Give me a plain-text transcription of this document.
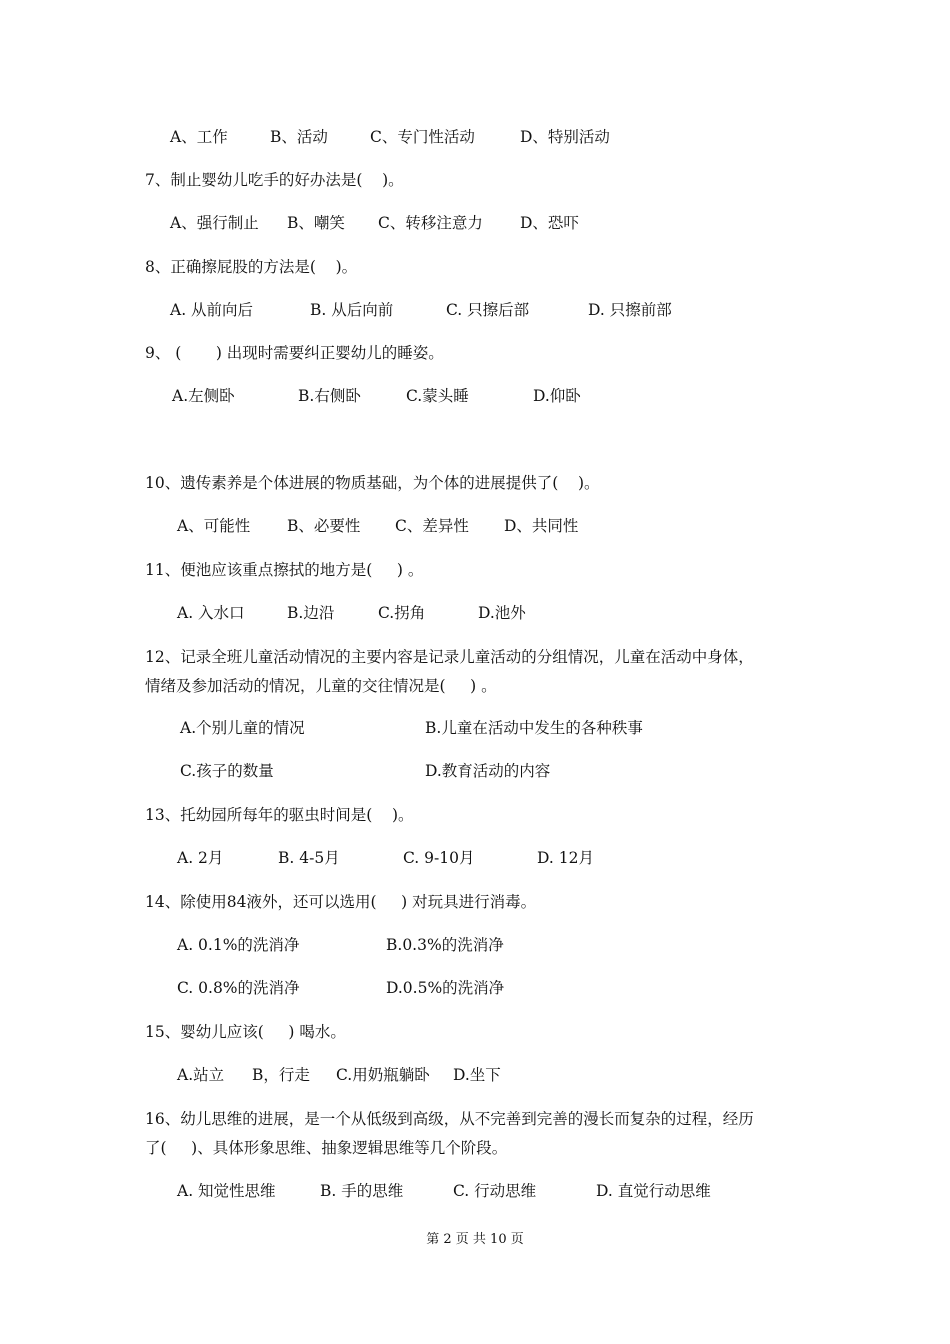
A、工作	B、活动	C、专门性活动	D、特别活动
7、制止婴幼儿吃手的好办法是(    )。
A、强行制止 B、嘲笑 C、转移注意力 D、恐吓
8、正确擦屁股的方法是(    )。
A. 从前向后	B. 从后向前	C. 只擦后部	D. 只擦前部
9、 (       ) 出现时需要纠正婴幼儿的睡姿。
A.左侧卧	B.右侧卧	C.蒙头睡	D.仰卧
10、遗传素养是个体进展的物质基础，为个体的进展提供了(    )。
A、可能性 B、必要性 C、差异性 D、共同性
11、便池应该重点擦拭的地方是(     ) 。
A. 入水口	B.边沿	C.拐角	D.池外
12、记录全班儿童活动情况的主要内容是记录儿童活动的分组情况，儿童在活动中身体，
情绪及参加活动的情况，儿童的交往情况是(     ) 。
A.个别儿童的情况	B.儿童在活动中发生的各种秩事
C.孩子的数量	D.教育活动的内容
13、托幼园所每年的驱虫时间是(    )。
A. 2月	B. 4-5月	C. 9-10月	D. 12月
14、除使用84液外，还可以选用(     ) 对玩具进行消毒。
A. 0.1%的洗消净	B.0.3%的洗消净
C. 0.8%的洗消净	D.0.5%的洗消净
15、婴幼儿应该(     ) 喝水。
A.站立 B，行走 C.用奶瓶躺卧 D.坐下
16、幼儿思维的进展，是一个从低级到高级，从不完善到完善的漫长而复杂的过程，经历
了(     )、具体形象思维、抽象逻辑思维等几个阶段。
A. 知觉性思维	B. 手的思维	C. 行动思维	D. 直觉行动思维
第 2 页 共 10 页
